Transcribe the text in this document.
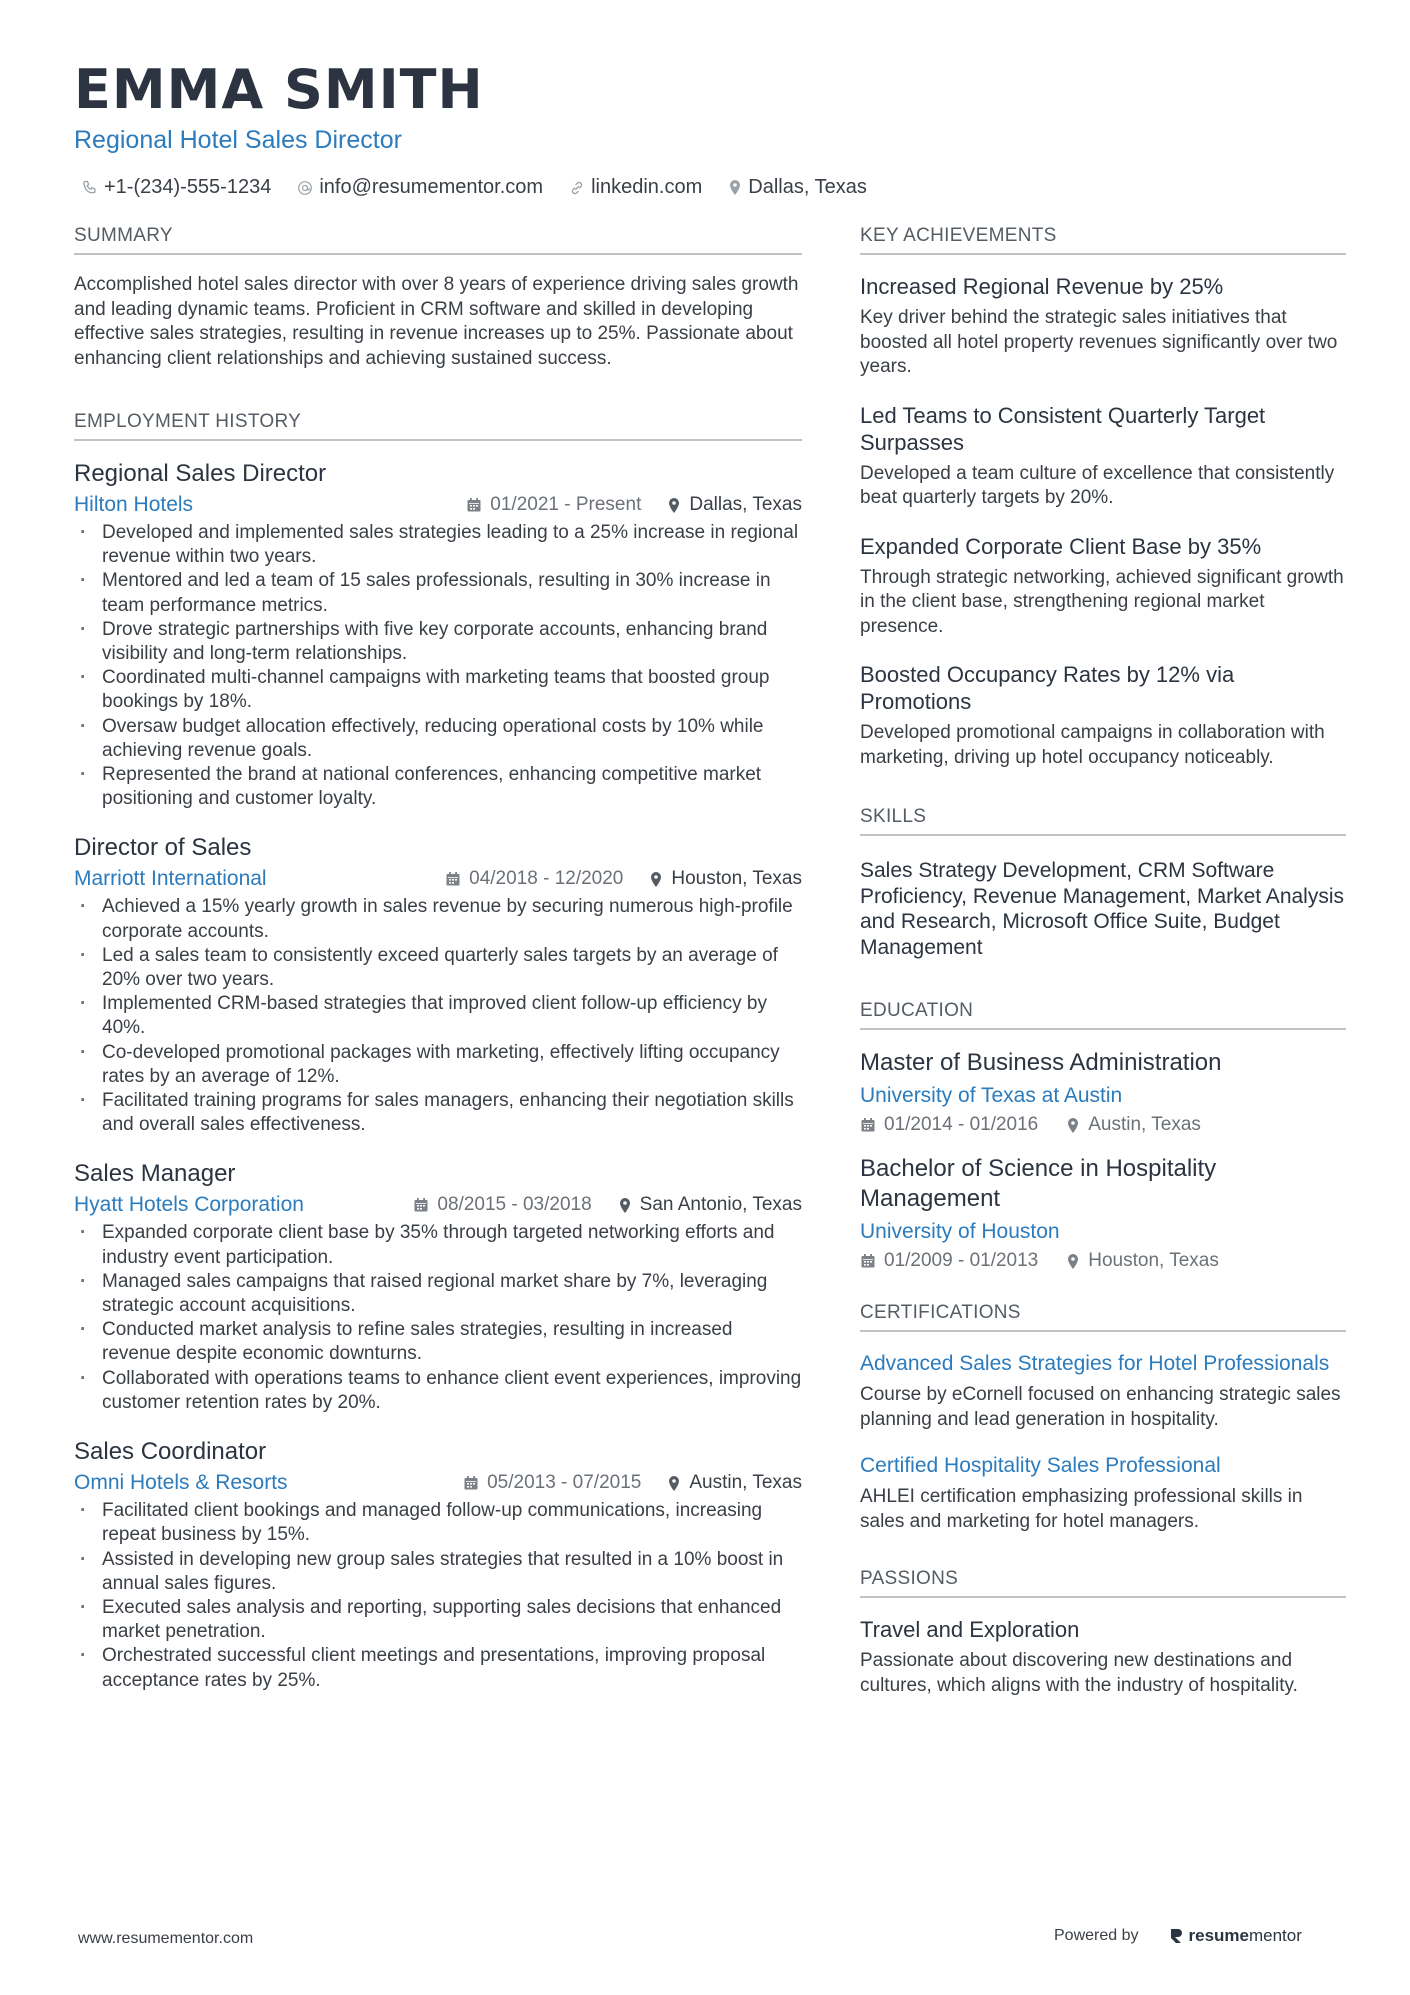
EMMA SMITH
Regional Hotel Sales Director
+1-(234)-555-1234 info@resumementor.com linkedin.com Dallas, Texas
SUMMARY

Accomplished hotel sales director with over 8 years of experience driving sales growth and leading dynamic teams. Proficient in CRM software and skilled in developing effective sales strategies, resulting in revenue increases up to 25%. Passionate about enhancing client relationships and achieving sustained success.

EMPLOYMENT HISTORY
Regional Sales Director
Hilton Hotels	01/2021 - Present	Dallas, Texas
· Developed and implemented sales strategies leading to a 25% increase in regional revenue within two years.
· Mentored and led a team of 15 sales professionals, resulting in 30% increase in team performance metrics.
· Drove strategic partnerships with five key corporate accounts, enhancing brand visibility and long-term relationships.
· Coordinated multi-channel campaigns with marketing teams that boosted group bookings by 18%.
· Oversaw budget allocation effectively, reducing operational costs by 10% while achieving revenue goals.
· Represented the brand at national conferences, enhancing competitive market positioning and customer loyalty.
Director of Sales
Marriott International	04/2018 - 12/2020	Houston, Texas
· Achieved a 15% yearly growth in sales revenue by securing numerous high-profile corporate accounts.
· Led a sales team to consistently exceed quarterly sales targets by an average of 20% over two years.
· Implemented CRM-based strategies that improved client follow-up efficiency by 40%.
· Co-developed promotional packages with marketing, effectively lifting occupancy rates by an average of 12%.
· Facilitated training programs for sales managers, enhancing their negotiation skills and overall sales effectiveness.
Sales Manager
Hyatt Hotels Corporation	08/2015 - 03/2018	San Antonio, Texas
· Expanded corporate client base by 35% through targeted networking efforts and industry event participation.
· Managed sales campaigns that raised regional market share by 7%, leveraging strategic account acquisitions.
· Conducted market analysis to refine sales strategies, resulting in increased revenue despite economic downturns.
· Collaborated with operations teams to enhance client event experiences, improving customer retention rates by 20%.
Sales Coordinator
Omni Hotels & Resorts	05/2013 - 07/2015	Austin, Texas
· Facilitated client bookings and managed follow-up communications, increasing repeat business by 15%.
· Assisted in developing new group sales strategies that resulted in a 10% boost in annual sales figures.
· Executed sales analysis and reporting, supporting sales decisions that enhanced market penetration.
· Orchestrated successful client meetings and presentations, improving proposal acceptance rates by 25%.
KEY ACHIEVEMENTS
Increased Regional Revenue by 25%
Key driver behind the strategic sales initiatives that boosted all hotel property revenues significantly over two years.
Led Teams to Consistent Quarterly Target Surpasses
Developed a team culture of excellence that consistently beat quarterly targets by 20%.
Expanded Corporate Client Base by 35%
Through strategic networking, achieved significant growth in the client base, strengthening regional market presence.
Boosted Occupancy Rates by 12% via Promotions
Developed promotional campaigns in collaboration with marketing, driving up hotel occupancy noticeably.
SKILLS
Sales Strategy Development, CRM Software Proficiency, Revenue Management, Market Analysis and Research, Microsoft Office Suite, Budget Management
EDUCATION
Master of Business Administration
University of Texas at Austin
01/2014 - 01/2016	Austin, Texas
Bachelor of Science in Hospitality Management
University of Houston
01/2009 - 01/2013	Houston, Texas
CERTIFICATIONS
Advanced Sales Strategies for Hotel Professionals
Course by eCornell focused on enhancing strategic sales planning and lead generation in hospitality.
Certified Hospitality Sales Professional
AHLEI certification emphasizing professional skills in sales and marketing for hotel managers.
PASSIONS
Travel and Exploration
Passionate about discovering new destinations and cultures, which aligns with the industry of hospitality.
www.resumementor.com	Powered by	resumementor
